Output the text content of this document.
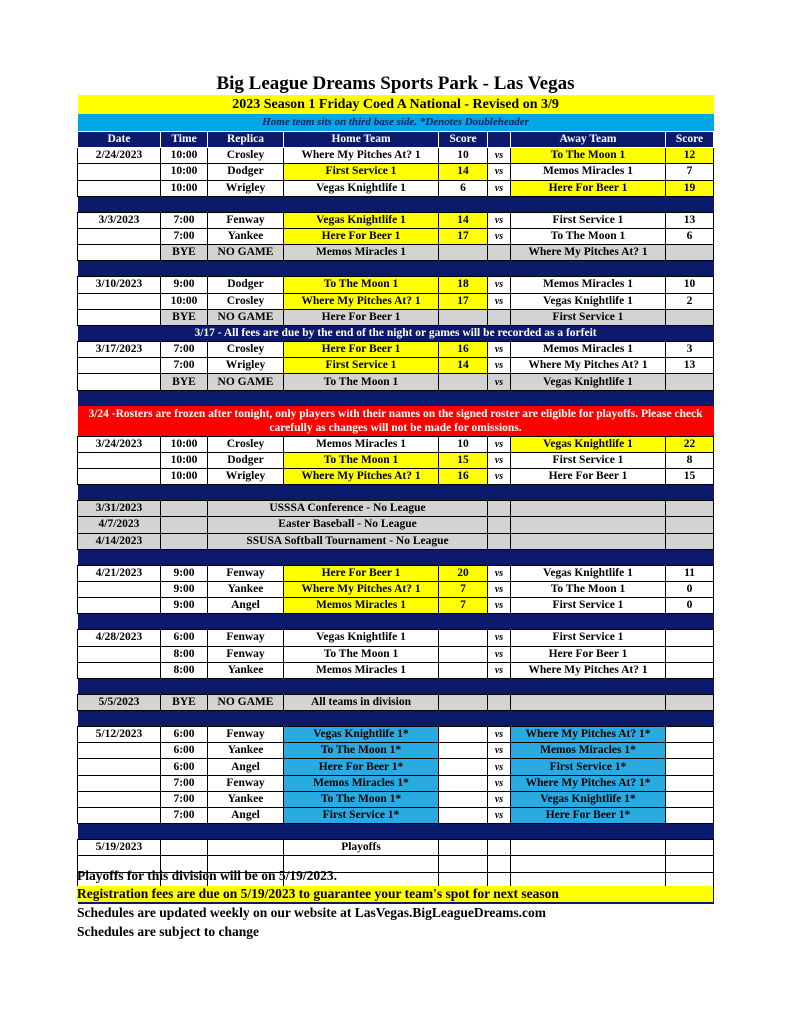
Big League Dreams Sports Park - Las Vegas
2023 Season 1 Friday Coed A National - Revised on 3/9							
Home team sits on third base side. *Denotes Doubleheader							
Date	Time	Replica	Home Team	Score		Away Team	Score
2/24/2023	10:00	Crosley	Where My Pitches At? 1	10	vs	To The Moon 1	12
	10:00	Dodger	First Service 1	14	vs	Memos Miracles 1	7
	10:00	Wrigley	Vegas Knightlife 1	6	vs	Here For Beer 1	19

3/3/2023	7:00	Fenway	Vegas Knightlife 1	14	vs	First Service 1	13
	7:00	Yankee	Here For Beer 1	17	vs	To The Moon 1	6
	BYE	NO GAME	Memos Miracles 1			Where My Pitches At? 1	

3/10/2023	9:00	Dodger	To The Moon 1	18	vs	Memos Miracles 1	10
	10:00	Crosley	Where My Pitches At? 1	17	vs	Vegas Knightlife 1	2
	BYE	NO GAME	Here For Beer 1			First Service 1	
3/17 - All fees are due by the end of the night or games will be recorded as a forfeit							
3/17/2023	7:00	Crosley	Here For Beer 1	16	vs	Memos Miracles 1	3
	7:00	Wrigley	First Service 1	14	vs	Where My Pitches At? 1	13
	BYE	NO GAME	To The Moon 1		vs	Vegas Knightlife 1	

3/24 -Rosters are frozen after tonight, only players with their names on the signed roster are eligible for playoffs. Please check carefully as changes will not be made for omissions.							
3/24/2023	10:00	Crosley	Memos Miracles 1	10	vs	Vegas Knightlife 1	22
	10:00	Dodger	To The Moon 1	15	vs	First Service 1	8
	10:00	Wrigley	Where My Pitches At? 1	16	vs	Here For Beer 1	15

3/31/2023		USSSA Conference - No League					
4/7/2023		Easter Baseball - No League					
4/14/2023		SSUSA Softball Tournament - No League					

4/21/2023	9:00	Fenway	Here For Beer 1	20	vs	Vegas Knightlife 1	11
	9:00	Yankee	Where My Pitches At? 1	7	vs	To The Moon 1	0
	9:00	Angel	Memos Miracles 1	7	vs	First Service 1	0

4/28/2023	6:00	Fenway	Vegas Knightlife 1		vs	First Service 1	
	8:00	Fenway	To The Moon 1		vs	Here For Beer 1	
	8:00	Yankee	Memos Miracles 1		vs	Where My Pitches At? 1	

5/5/2023	BYE	NO GAME	All teams in division				

5/12/2023	6:00	Fenway	Vegas Knightlife 1*		vs	Where My Pitches At? 1*	
	6:00	Yankee	To The Moon 1*		vs	Memos Miracles 1*	
	6:00	Angel	Here For Beer 1*		vs	First Service 1*	
	7:00	Fenway	Memos Miracles 1*		vs	Where My Pitches At? 1*	
	7:00	Yankee	To The Moon 1*		vs	Vegas Knightlife 1*	
	7:00	Angel	First Service 1*		vs	Here For Beer 1*	

5/19/2023			Playoffs				

Playoffs for this division will be on 5/19/2023.
Registration fees are due on 5/19/2023 to guarantee your team's spot for next season
Schedules are updated weekly on our website at LasVegas.BigLeagueDreams.com
Schedules are subject to change
